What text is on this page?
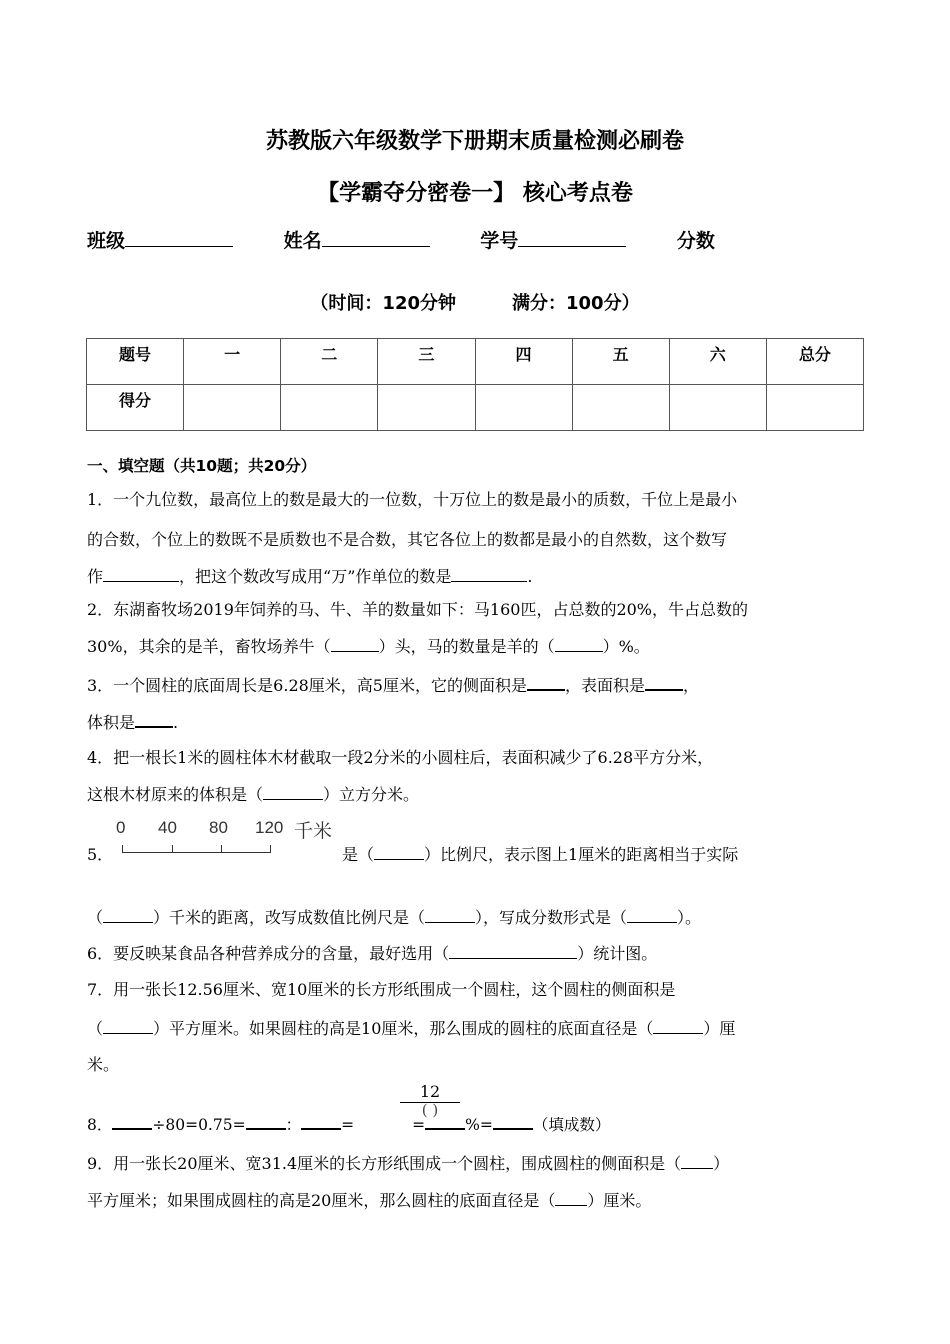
苏教版六年级数学下册期末质量检测必刷卷
【学霸夺分密卷一】 核心考点卷
班级	姓名	学号	分数
（时间：120分钟	满分：100分）
题号	一	二	三	四	五	六	总分
得分							
一、填空题（共10题；共20分）
1．一个九位数，最高位上的数是最大的一位数，十万位上的数是最小的质数，千位上是最小
的合数，个位上的数既不是质数也不是合数，其它各位上的数都是最小的自然数，这个数写
作	，把这个数改写成用“万”作单位的数是	.
2．东湖畜牧场2019年饲养的马、牛、羊的数量如下：马160匹，占总数的20%，牛占总数的
30%，其余的是羊，畜牧场养牛（	）头，马的数量是羊的（	）%。
3．一个圆柱的底面周长是6.28厘米，高5厘米，它的侧面积是 ，表面积是 ，
体积是 .
4．把一根长1米的圆柱体木材截取一段2分米的小圆柱后，表面积减少了6.28平方分米，
这根木材原来的体积是（	）立方分米。
5．
0 40 80 120 千米
是（	）比例尺，表示图上1厘米的距离相当于实际
（	）千米的距离，改写成数值比例尺是（	），写成分数形式是（	）。
6．要反映某食品各种营养成分的含量，最好选用（	）统计图。
7．用一张长12.56厘米、宽10厘米的长方形纸围成一个圆柱，这个圆柱的侧面积是
（	）平方厘米。如果圆柱的高是10厘米，那么围成的圆柱的底面直径是（	）厘
米。
12
( )
8．	÷80=0.75=	：	=	=	%=	（填成数）
9．用一张长20厘米、宽31.4厘米的长方形纸围成一个圆柱，围成圆柱的侧面积是（ ）
平方厘米；如果围成圆柱的高是20厘米，那么圆柱的底面直径是（ ）厘米。
